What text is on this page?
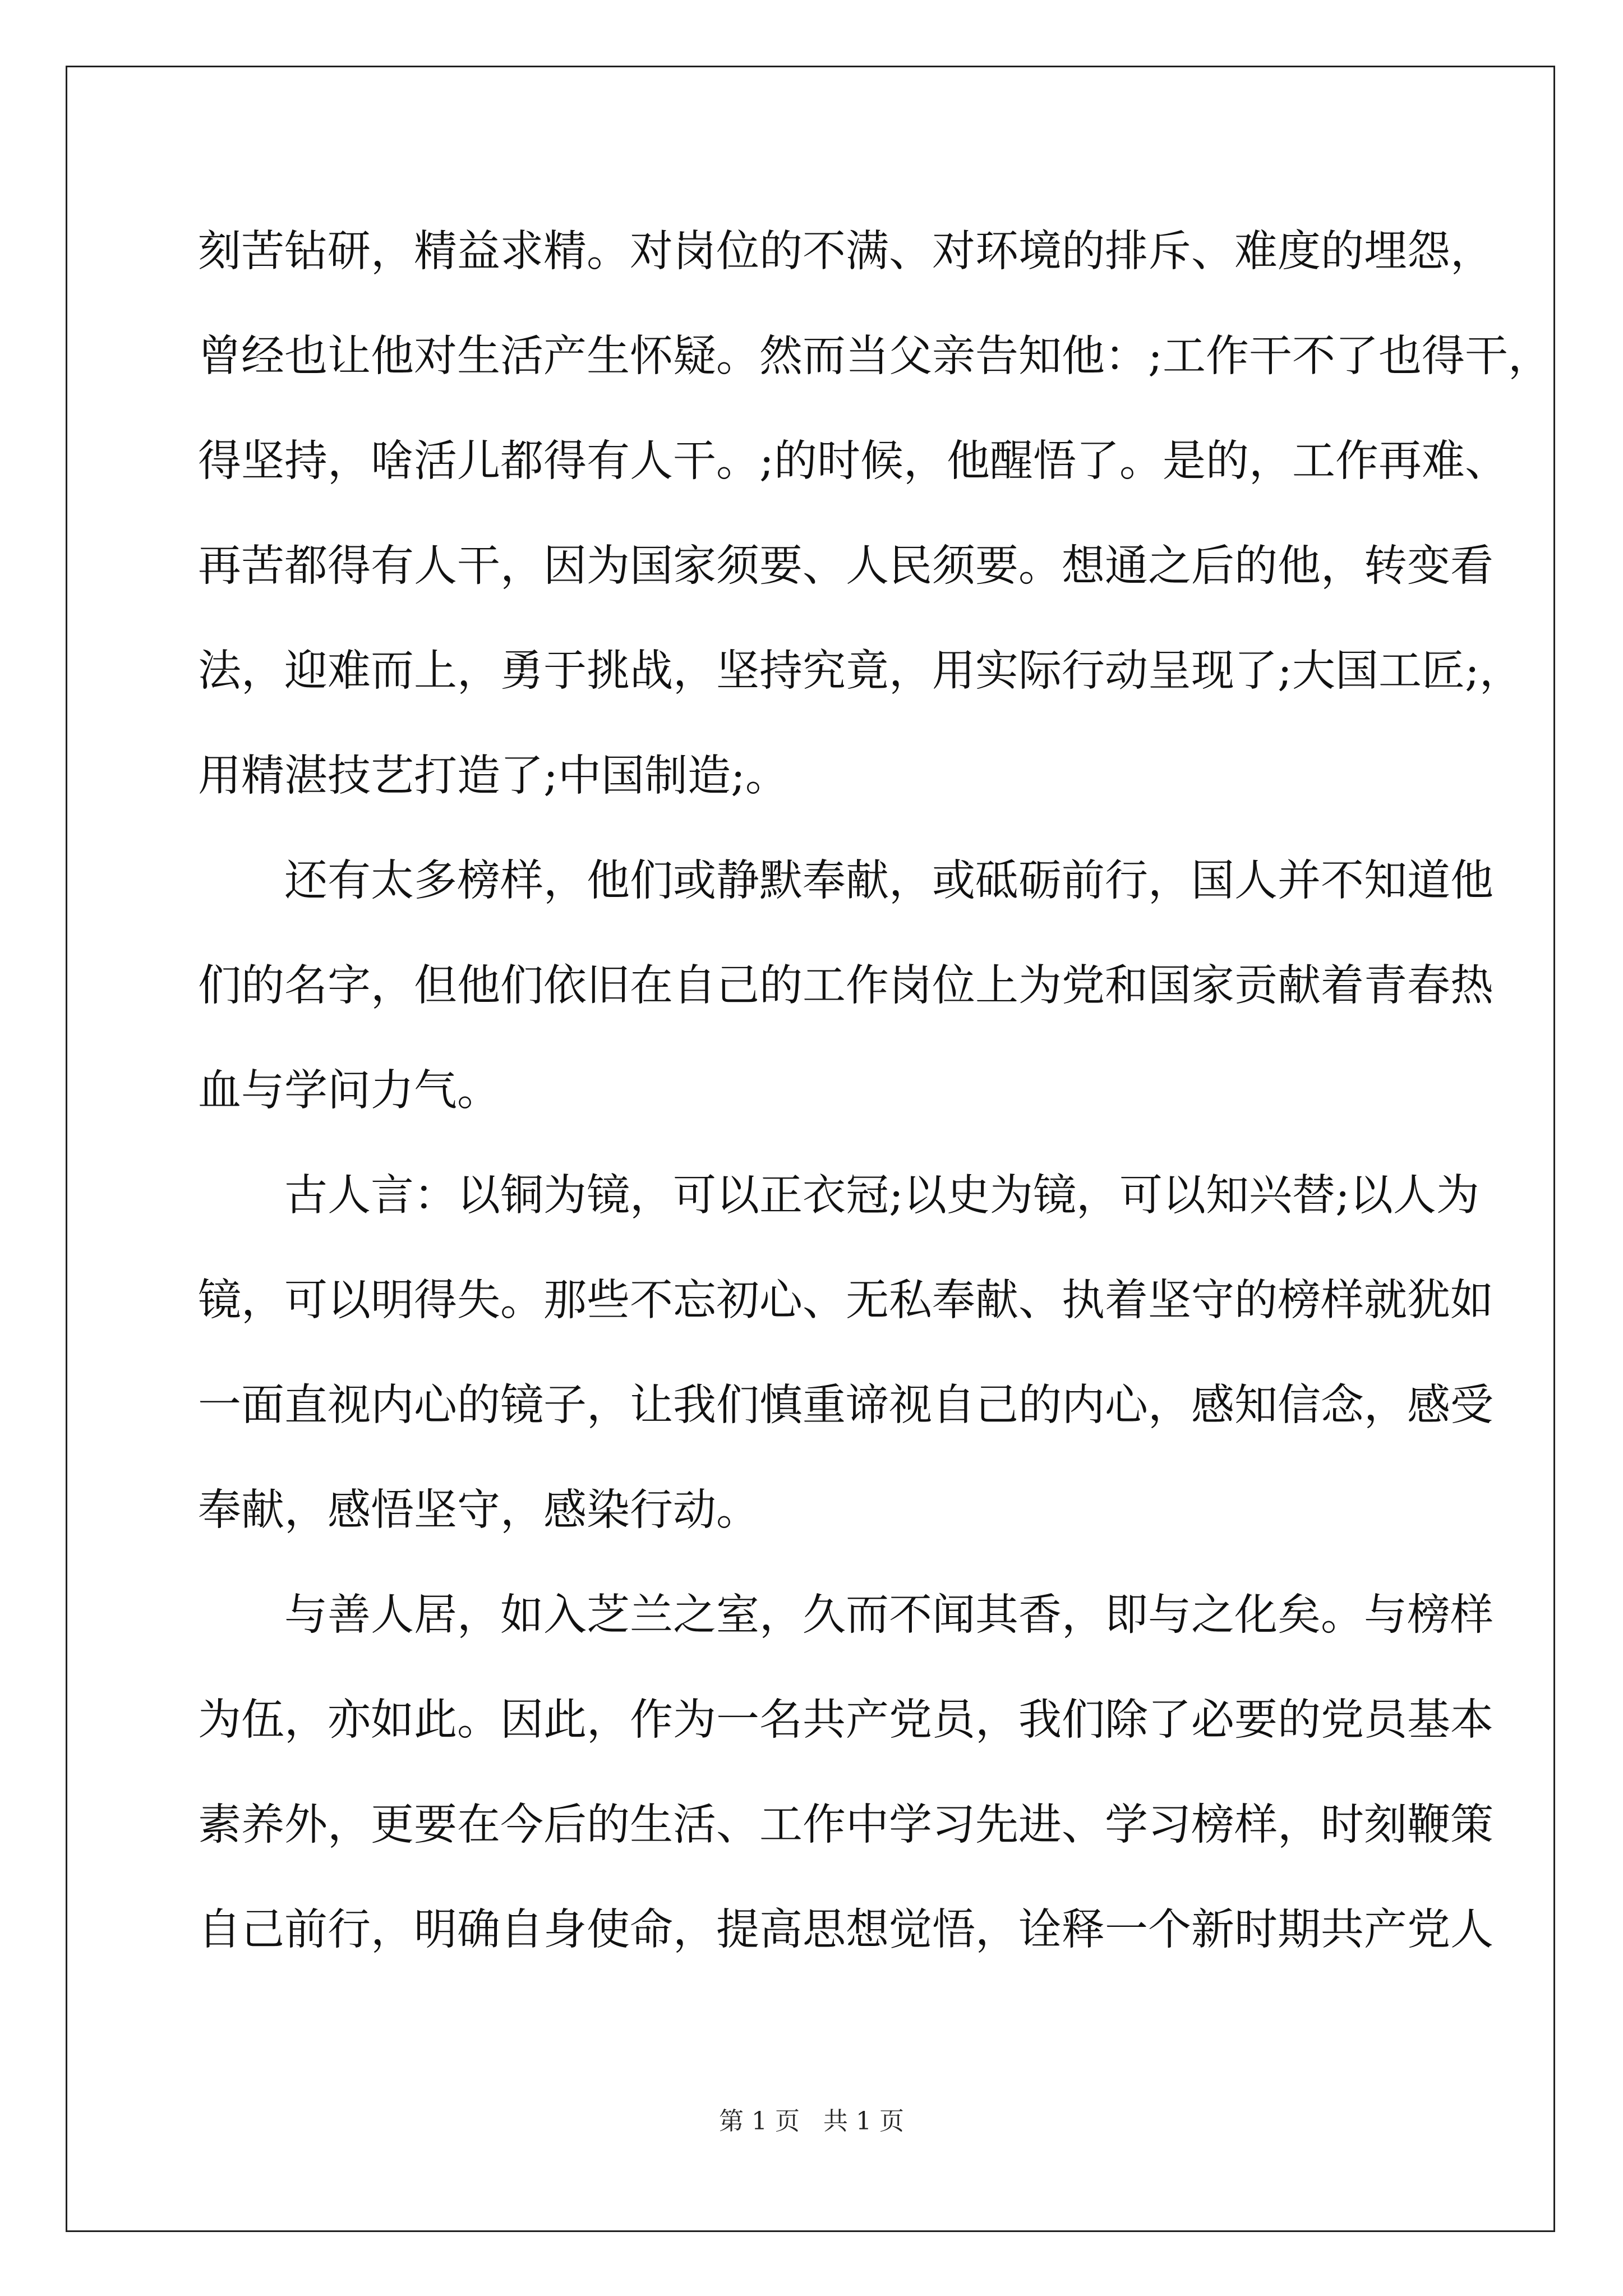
刻苦钻研，精益求精。对岗位的不满、对环境的排斥、难度的埋怨，
曾经也让他对生活产生怀疑。然而当父亲告知他：;工作干不了也得干，
得坚持，啥活儿都得有人干。;的时候，他醒悟了。是的，工作再难、
再苦都得有人干，因为国家须要、人民须要。想通之后的他，转变看
法，迎难而上，勇于挑战，坚持究竟，用实际行动呈现了;大国工匠;，
用精湛技艺打造了;中国制造;。
还有太多榜样，他们或静默奉献，或砥砺前行，国人并不知道他
们的名字，但他们依旧在自己的工作岗位上为党和国家贡献着青春热
血与学问力气。
古人言：以铜为镜，可以正衣冠;以史为镜，可以知兴替;以人为
镜，可以明得失。那些不忘初心、无私奉献、执着坚守的榜样就犹如
一面直视内心的镜子，让我们慎重谛视自己的内心，感知信念，感受
奉献，感悟坚守，感染行动。
与善人居，如入芝兰之室，久而不闻其香，即与之化矣。与榜样
为伍，亦如此。因此，作为一名共产党员，我们除了必要的党员基本
素养外，更要在今后的生活、工作中学习先进、学习榜样，时刻鞭策
自己前行，明确自身使命，提高思想觉悟，诠释一个新时期共产党人
第 1 页   共 1 页
